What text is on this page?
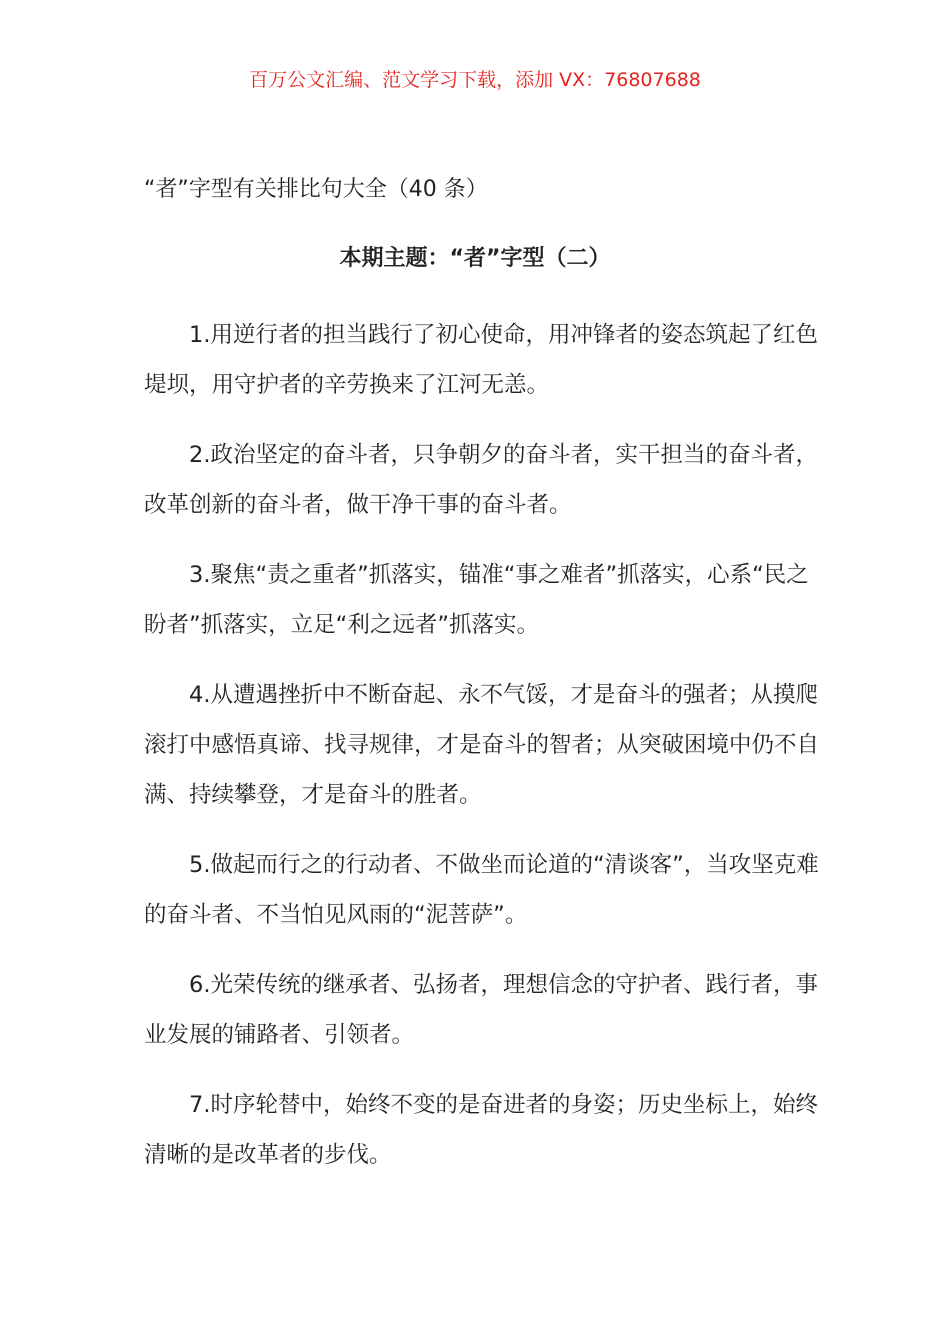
百万公文汇编、范文学习下载，添加 VX：76807688
“者”字型有关排比句大全（40 条）
本期主题：“者”字型（二）

1.用逆行者的担当践行了初心使命，用冲锋者的姿态筑起了红色堤坝，用守护者的辛劳换来了江河无恙。

2.政治坚定的奋斗者，只争朝夕的奋斗者，实干担当的奋斗者，改革创新的奋斗者，做干净干事的奋斗者。

3.聚焦“责之重者”抓落实，锚准“事之难者”抓落实，心系“民之盼者”抓落实，立足“利之远者”抓落实。

4.从遭遇挫折中不断奋起、永不气馁，才是奋斗的强者；从摸爬滚打中感悟真谛、找寻规律，才是奋斗的智者；从突破困境中仍不自满、持续攀登，才是奋斗的胜者。

5.做起而行之的行动者、不做坐而论道的“清谈客”，当攻坚克难的奋斗者、不当怕见风雨的“泥菩萨”。

6.光荣传统的继承者、弘扬者，理想信念的守护者、践行者，事业发展的铺路者、引领者。

7.时序轮替中，始终不变的是奋进者的身姿；历史坐标上，始终清晰的是改革者的步伐。
